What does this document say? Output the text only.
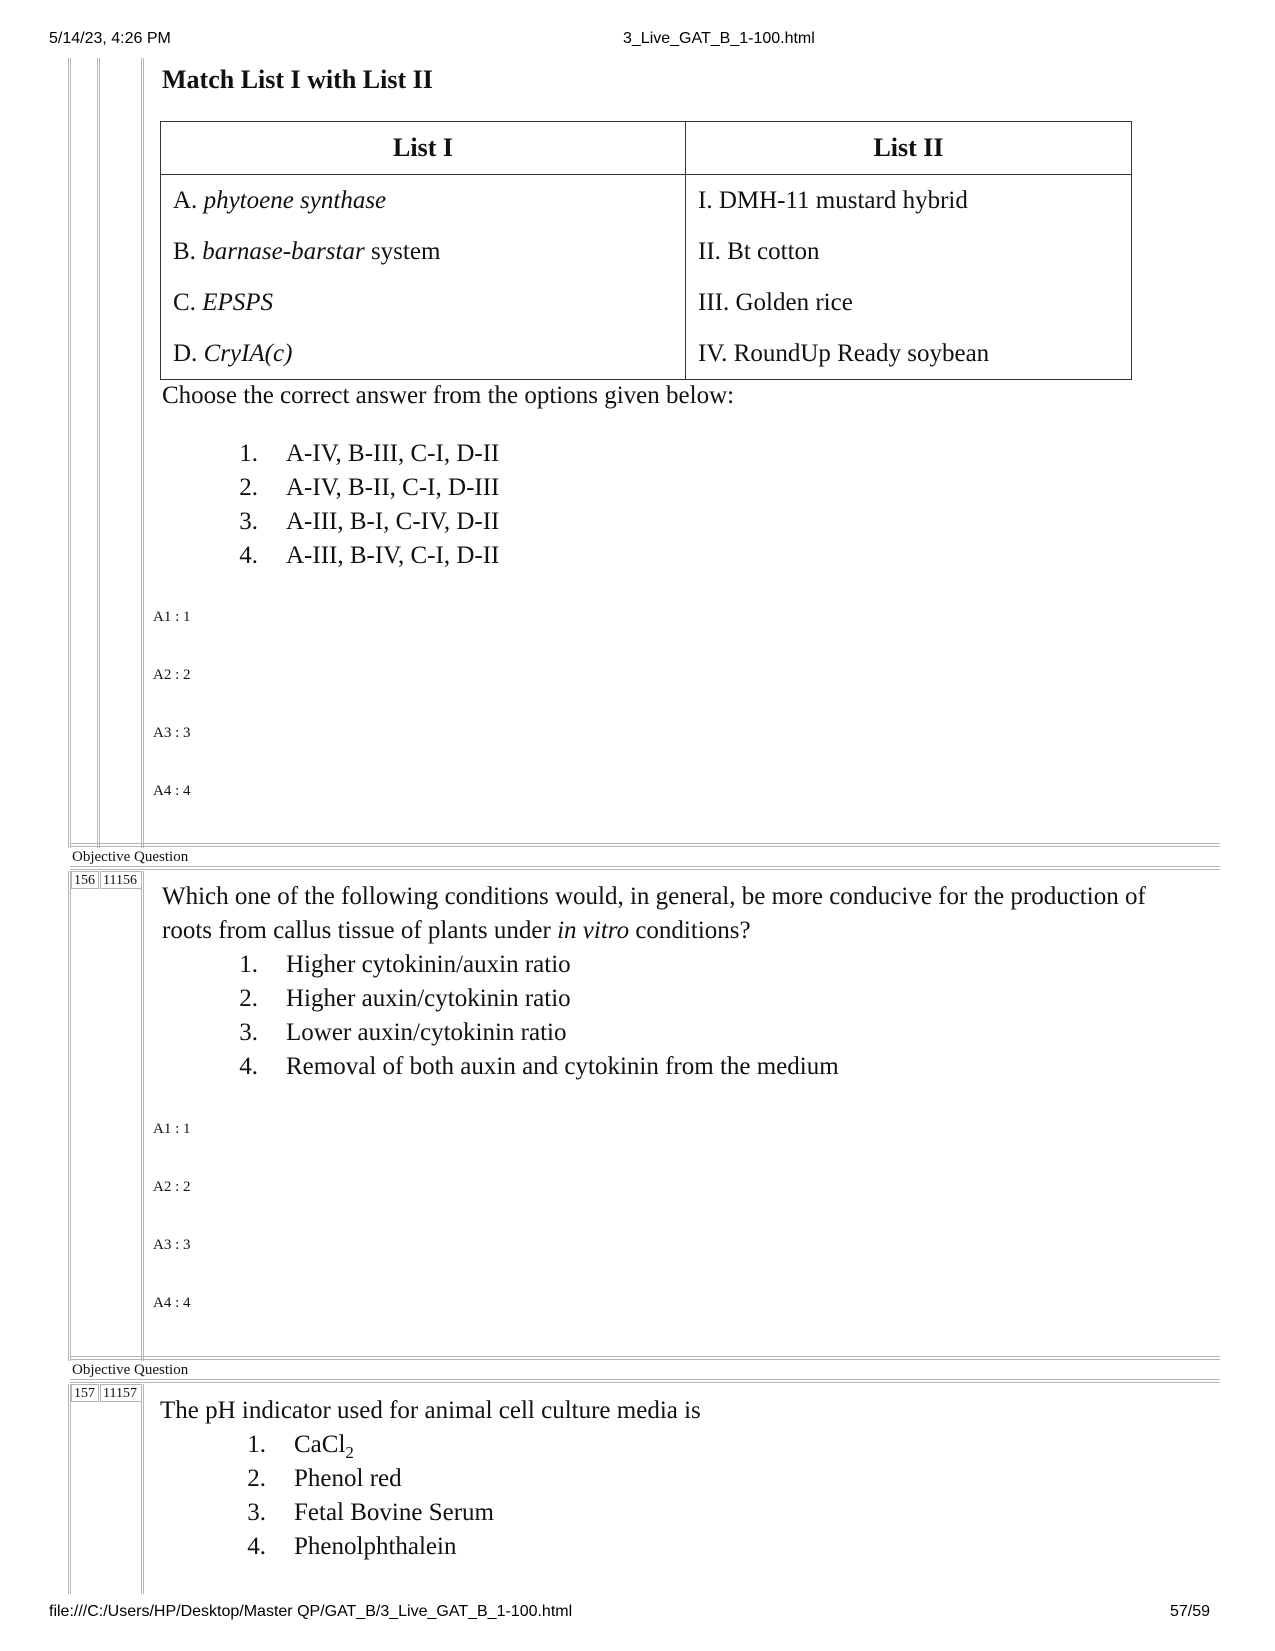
5/14/23, 4:26 PM	3_Live_GAT_B_1-100.html
file:///C:/Users/HP/Desktop/Master QP/GAT_B/3_Live_GAT_B_1-100.html	57/59
Objective Question
156 11156
Objective Question
157 11157
Match List I with List II
List I	List II
A. phytoene synthase	I. DMH-11 mustard hybrid
B. barnase-barstar system	II. Bt cotton
C. EPSPS	III. Golden rice
D. CryIA(c)	IV. RoundUp Ready soybean
Choose the correct answer from the options given below:
1. A-IV, B-III, C-I, D-II
2. A-IV, B-II, C-I, D-III
3. A-III, B-I, C-IV, D-II
4. A-III, B-IV, C-I, D-II
A1 : 1
A2 : 2
A3 : 3
A4 : 4
Which one of the following conditions would, in general, be more conducive for the production of
roots from callus tissue of plants under in vitro conditions?
1. Higher cytokinin/auxin ratio
2. Higher auxin/cytokinin ratio
3. Lower auxin/cytokinin ratio
4. Removal of both auxin and cytokinin from the medium
A1 : 1
A2 : 2
A3 : 3
A4 : 4
The pH indicator used for animal cell culture media is
1. CaCl$_2$
2. Phenol red
3. Fetal Bovine Serum
4. Phenolphthalein
